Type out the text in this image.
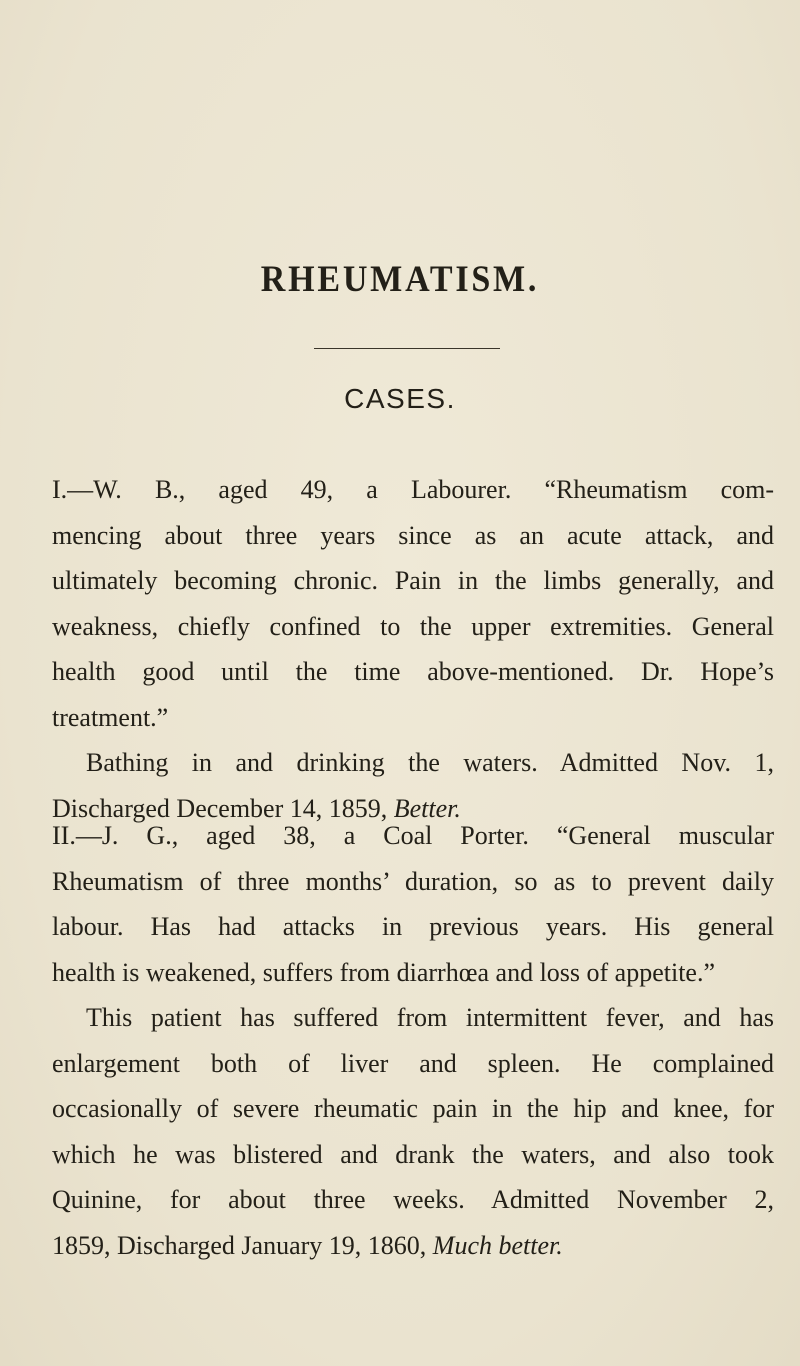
RHEUMATISM.
CASES.
I.—W. B., aged 49, a Labourer. “Rheumatism com-
mencing about three years since as an acute attack, and
ultimately becoming chronic. Pain in the limbs generally, and
weakness, chiefly confined to the upper extremities. General
health good until the time above-mentioned. Dr. Hope’s
treatment.”
Bathing in and drinking the waters. Admitted Nov. 1,
Discharged December 14, 1859, Better.
II.—J. G., aged 38, a Coal Porter. “General muscular
Rheumatism of three months’ duration, so as to prevent daily
labour. Has had attacks in previous years. His general
health is weakened, suffers from diarrhœa and loss of appetite.”
This patient has suffered from intermittent fever, and has
enlargement both of liver and spleen. He complained
occasionally of severe rheumatic pain in the hip and knee, for
which he was blistered and drank the waters, and also took
Quinine, for about three weeks. Admitted November 2,
1859, Discharged January 19, 1860, Much better.
